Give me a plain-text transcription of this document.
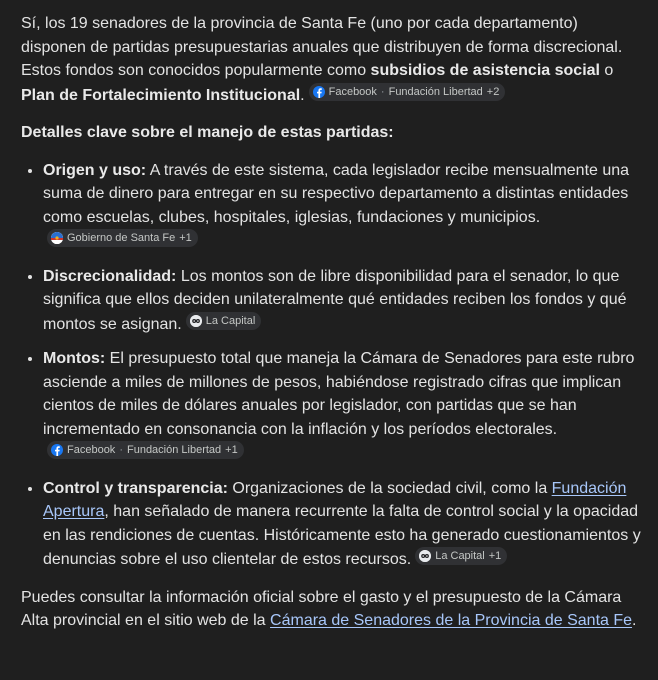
Sí, los 19 senadores de la provincia de Santa Fe (uno por cada departamento) disponen de partidas presupuestarias anuales que distribuyen de forma discrecional. Estos fondos son conocidos popularmente como subsidios de asistencia social o Plan de Fortalecimiento Institucional. Facebook · Fundación Libertad +2

Detalles clave sobre el manejo de estas partidas:

• Origen y uso: A través de este sistema, cada legislador recibe mensualmente una suma de dinero para entregar en su respectivo departamento a distintas entidades como escuelas, clubes, hospitales, iglesias, fundaciones y municipios.
Gobierno de Santa Fe +1
• Discrecionalidad: Los montos son de libre disponibilidad para el senador, lo que significa que ellos deciden unilateralmente qué entidades reciben los fondos y qué montos se asignan. La Capital
• Montos: El presupuesto total que maneja la Cámara de Senadores para este rubro asciende a miles de millones de pesos, habiéndose registrado cifras que implican cientos de miles de dólares anuales por legislador, con partidas que se han incrementado en consonancia con la inflación y los períodos electorales.
Facebook · Fundación Libertad +1
• Control y transparencia: Organizaciones de la sociedad civil, como la Fundación Apertura, han señalado de manera recurrente la falta de control social y la opacidad en las rendiciones de cuentas. Históricamente esto ha generado cuestionamientos y denuncias sobre el uso clientelar de estos recursos. La Capital +1

Puedes consultar la información oficial sobre el gasto y el presupuesto de la Cámara Alta provincial en el sitio web de la Cámara de Senadores de la Provincia de Santa Fe.
